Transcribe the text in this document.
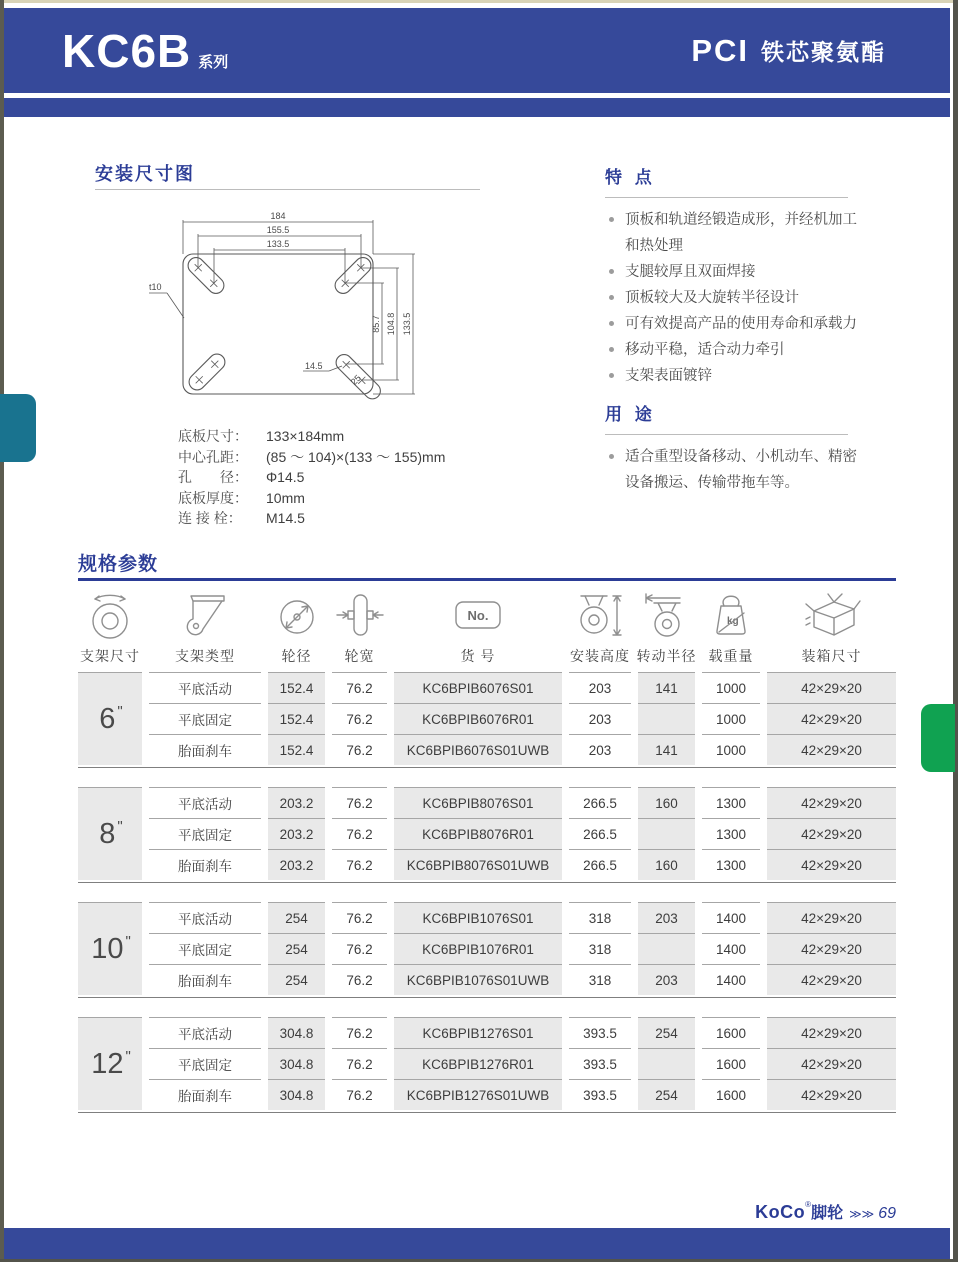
KC6B 系列	PCI 铁芯聚氨酯
安装尺寸图
184
155.5
133.5
133.5
104.8
85.7
14.5
25
t10
底板尺寸：	133×184mm
中心孔距：	(85 ～ 104)×(133 ～ 155)mm
孔　　径：	Φ14.5
底板厚度：	10mm
连 接 栓：	M14.5
特 点
顶板和轨道经锻造成形，并经机加工和热处理
支腿较厚且双面焊接
顶板较大及大旋转半径设计
可有效提高产品的使用寿命和承载力
移动平稳，适合动力牵引
支架表面镀锌
用 途
适合重型设备移动、小机动车、精密设备搬运、传输带拖车等。
规格参数
支架尺寸	支架类型	轮径 轮宽
No.
货 号	安装高度 转动半径
kg
载重量	装箱尺寸
6 "
平底活动	152.4	76.2	KC6BPIB6076S01	203	141	1000	42×29×20
平底固定	152.4	76.2	KC6BPIB6076R01	203	1000	42×29×20
胎面刹车	152.4	76.2	KC6BPIB6076S01UWB	203	141	1000	42×29×20
8 "
平底活动	203.2	76.2	KC6BPIB8076S01	266.5	160	1300	42×29×20
平底固定	203.2	76.2	KC6BPIB8076R01	266.5	1300	42×29×20
胎面刹车	203.2	76.2	KC6BPIB8076S01UWB	266.5	160	1300	42×29×20
10 "
平底活动	254	76.2	KC6BPIB1076S01	318	203	1400	42×29×20
平底固定	254	76.2	KC6BPIB1076R01	318	1400	42×29×20
胎面刹车	254	76.2	KC6BPIB1076S01UWB	318	203	1400	42×29×20
12 "
平底活动	304.8	76.2	KC6BPIB1276S01	393.5	254	1600	42×29×20
平底固定	304.8	76.2	KC6BPIB1276R01	393.5	1600	42×29×20
胎面刹车	304.8	76.2	KC6BPIB1276S01UWB	393.5	254	1600	42×29×20
KoCo®脚轮 ≫≫ 69
